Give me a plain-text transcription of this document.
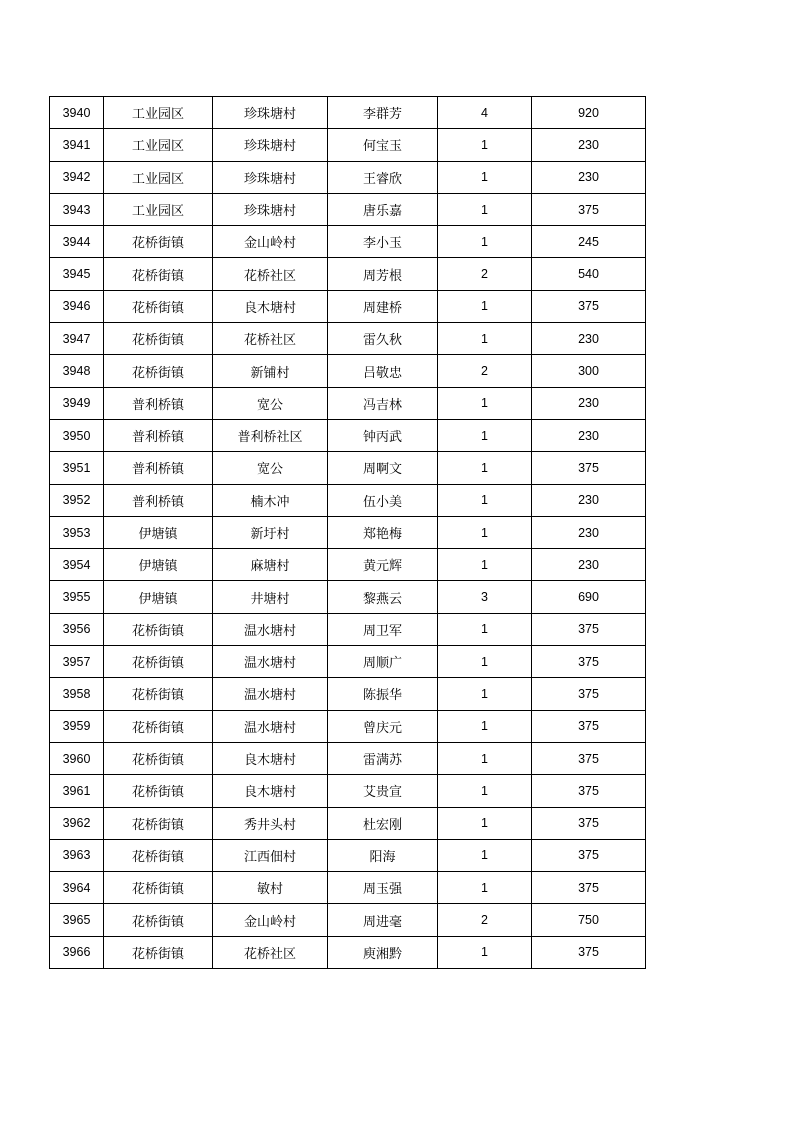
3940	工业园区	珍珠塘村	李群芳	4	920
3941	工业园区	珍珠塘村	何宝玉	1	230
3942	工业园区	珍珠塘村	王睿欣	1	230
3943	工业园区	珍珠塘村	唐乐嘉	1	375
3944	花桥街镇	金山岭村	李小玉	1	245
3945	花桥街镇	花桥社区	周芳根	2	540
3946	花桥街镇	良木塘村	周建桥	1	375
3947	花桥街镇	花桥社区	雷久秋	1	230
3948	花桥街镇	新铺村	吕敬忠	2	300
3949	普利桥镇	宽公	冯吉林	1	230
3950	普利桥镇	普利桥社区	钟丙武	1	230
3951	普利桥镇	宽公	周啊文	1	375
3952	普利桥镇	楠木冲	伍小美	1	230
3953	伊塘镇	新圩村	郑艳梅	1	230
3954	伊塘镇	麻塘村	黄元辉	1	230
3955	伊塘镇	井塘村	黎燕云	3	690
3956	花桥街镇	温水塘村	周卫军	1	375
3957	花桥街镇	温水塘村	周顺广	1	375
3958	花桥街镇	温水塘村	陈振华	1	375
3959	花桥街镇	温水塘村	曾庆元	1	375
3960	花桥街镇	良木塘村	雷满苏	1	375
3961	花桥街镇	良木塘村	艾贵宣	1	375
3962	花桥街镇	秀井头村	杜宏刚	1	375
3963	花桥街镇	江西佃村	阳海	1	375
3964	花桥街镇	敏村	周玉强	1	375
3965	花桥街镇	金山岭村	周进毫	2	750
3966	花桥街镇	花桥社区	庾湘黔	1	375
